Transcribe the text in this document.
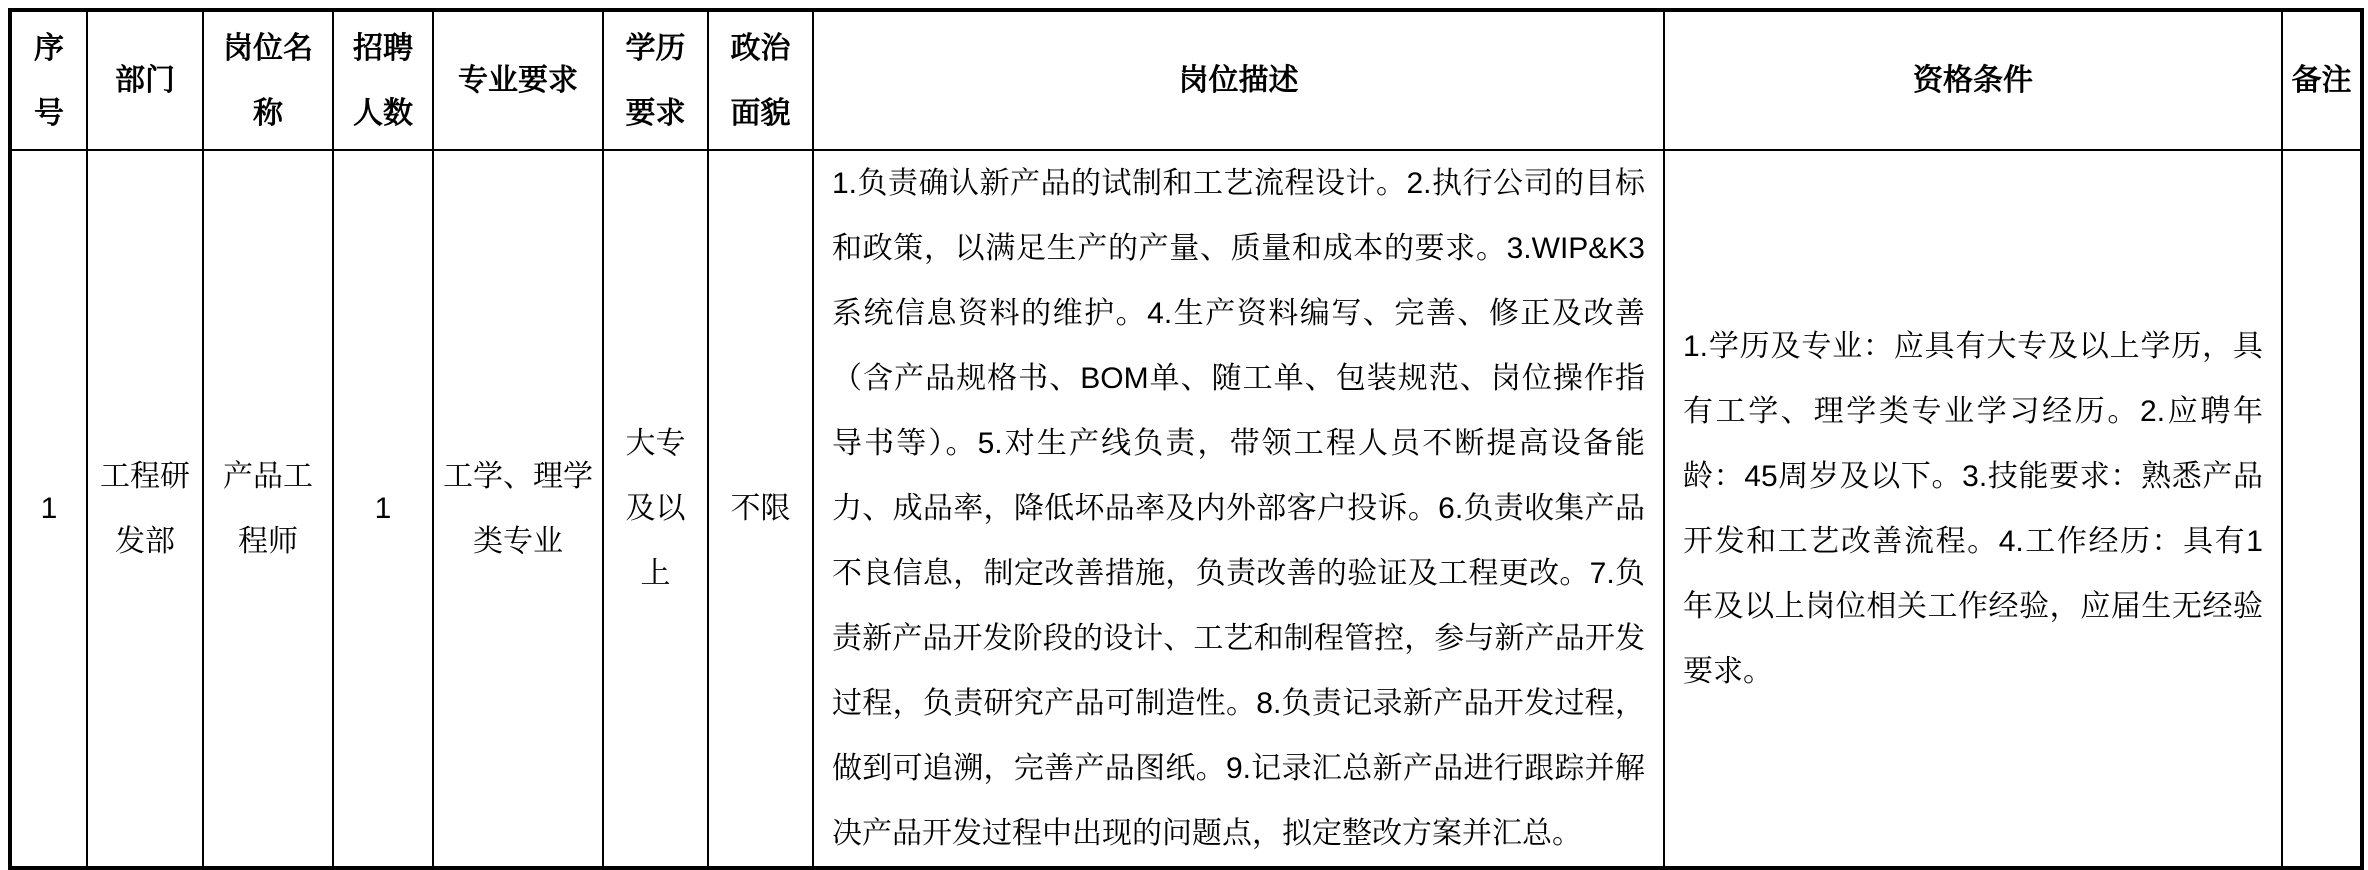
序号	部门	岗位名称	招聘人数	专业要求	学历要求	政治面貌	岗位描述	资格条件	备注
1	工程研发部	产品工程师	1	工学、理学类专业	大专及以上	不限	1.负责确认新产品的试制和工艺流程设计。2.执行公司的目标和政策，以满足生产的产量、质量和成本的要求。3.WIP&K3系统信息资料的维护。4.生产资料编写、完善、修正及改善（含产品规格书、BOM单、随工单、包装规范、岗位操作指导书等）。5.对生产线负责，带领工程人员不断提高设备能力、成品率，降低坏品率及内外部客户投诉。6.负责收集产品不良信息，制定改善措施，负责改善的验证及工程更改。7.负责新产品开发阶段的设计、工艺和制程管控，参与新产品开发过程，负责研究产品可制造性。8.负责记录新产品开发过程，做到可追溯，完善产品图纸。9.记录汇总新产品进行跟踪并解决产品开发过程中出现的问题点，拟定整改方案并汇总。	1.学历及专业：应具有大专及以上学历，具有工学、理学类专业学习经历。2.应聘年龄：45周岁及以下。3.技能要求：熟悉产品开发和工艺改善流程。4.工作经历：具有1年及以上岗位相关工作经验，应届生无经验要求。	
